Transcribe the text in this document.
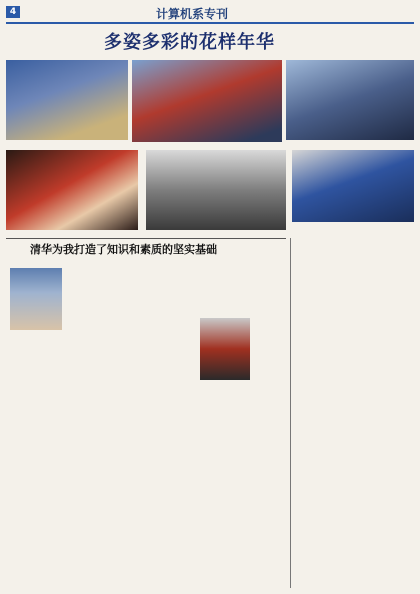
4	计算机系专刊
多姿多彩的花样年华
清华为我打造了知识和素质的坚实基础
